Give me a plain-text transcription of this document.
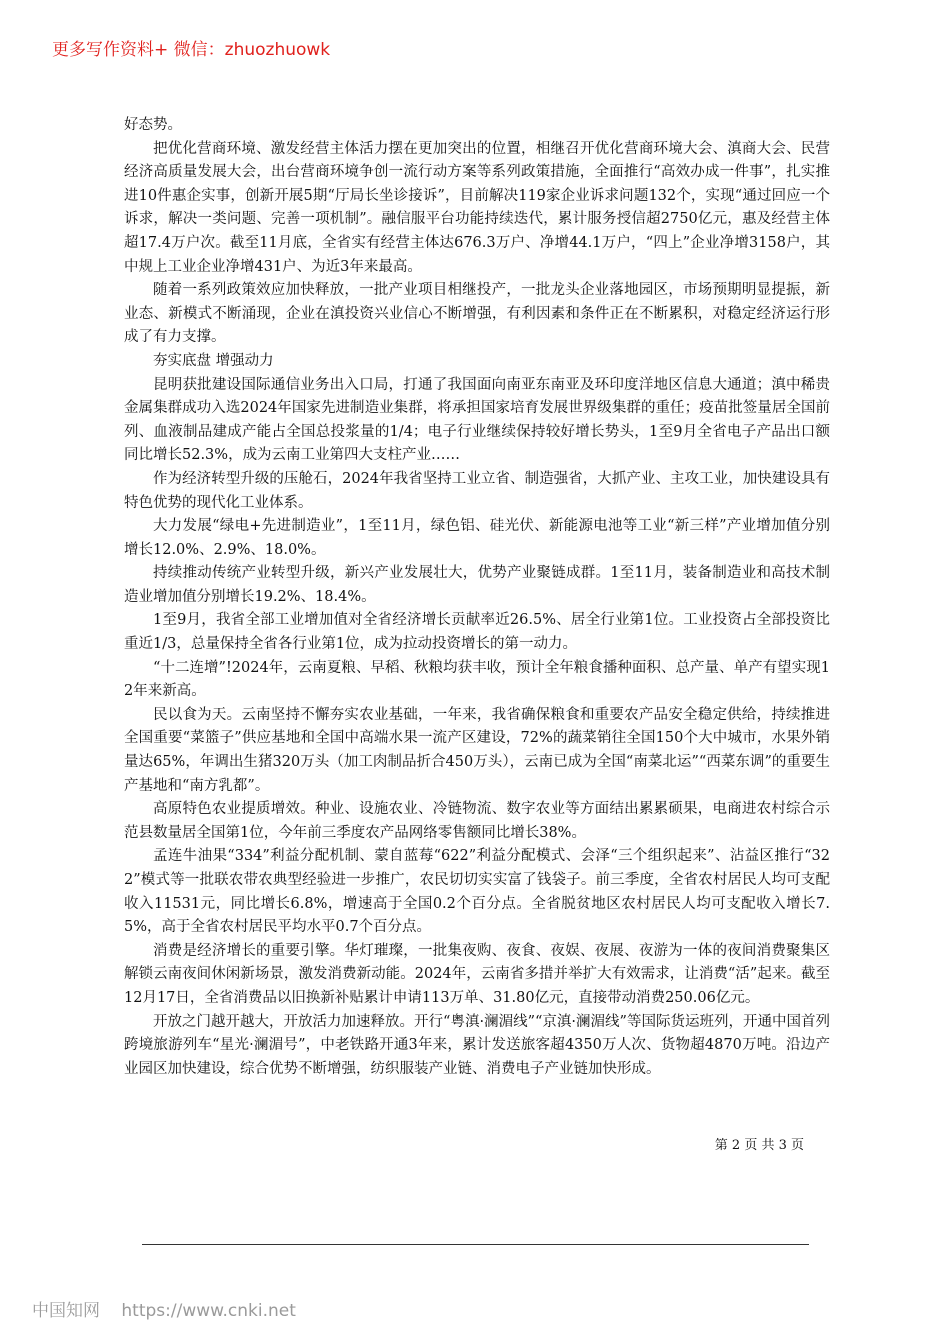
更多写作资料+ 微信：zhuozhuowk

好态势。

把优化营商环境、激发经营主体活力摆在更加突出的位置，相继召开优化营商环境大会、滇商大会、民营经济高质量发展大会，出台营商环境争创一流行动方案等系列政策措施，全面推行“高效办成一件事”，扎实推进10件惠企实事，创新开展5期“厅局长坐诊接诉”，目前解决119家企业诉求问题132个，实现“通过回应一个诉求，解决一类问题、完善一项机制”。融信服平台功能持续迭代，累计服务授信超2750亿元，惠及经营主体超17.4万户次。截至11月底，全省实有经营主体达676.3万户、净增44.1万户，“四上”企业净增3158户，其中规上工业企业净增431户、为近3年来最高。

随着一系列政策效应加快释放，一批产业项目相继投产，一批龙头企业落地园区，市场预期明显提振，新业态、新模式不断涌现，企业在滇投资兴业信心不断增强，有利因素和条件正在不断累积，对稳定经济运行形成了有力支撑。

夯实底盘 增强动力

昆明获批建设国际通信业务出入口局，打通了我国面向南亚东南亚及环印度洋地区信息大通道；滇中稀贵金属集群成功入选2024年国家先进制造业集群，将承担国家培育发展世界级集群的重任；疫苗批签量居全国前列、血液制品建成产能占全国总投浆量的1/4；电子行业继续保持较好增长势头，1至9月全省电子产品出口额同比增长52.3%，成为云南工业第四大支柱产业……

作为经济转型升级的压舱石，2024年我省坚持工业立省、制造强省，大抓产业、主攻工业，加快建设具有特色优势的现代化工业体系。

大力发展“绿电+先进制造业”，1至11月，绿色铝、硅光伏、新能源电池等工业“新三样”产业增加值分别增长12.0%、2.9%、18.0%。

持续推动传统产业转型升级，新兴产业发展壮大，优势产业聚链成群。1至11月，装备制造业和高技术制造业增加值分别增长19.2%、18.4%。

1至9月，我省全部工业增加值对全省经济增长贡献率近26.5%、居全行业第1位。工业投资占全部投资比重近1/3，总量保持全省各行业第1位，成为拉动投资增长的第一动力。

“十二连增”!2024年，云南夏粮、早稻、秋粮均获丰收，预计全年粮食播种面积、总产量、单产有望实现12年来新高。

民以食为天。云南坚持不懈夯实农业基础，一年来，我省确保粮食和重要农产品安全稳定供给，持续推进全国重要“菜篮子”供应基地和全国中高端水果一流产区建设，72%的蔬菜销往全国150个大中城市，水果外销量达65%，年调出生猪320万头（加工肉制品折合450万头），云南已成为全国“南菜北运”“西菜东调”的重要生产基地和“南方乳都”。

高原特色农业提质增效。种业、设施农业、冷链物流、数字农业等方面结出累累硕果，电商进农村综合示范县数量居全国第1位，今年前三季度农产品网络零售额同比增长38%。

孟连牛油果“334”利益分配机制、蒙自蓝莓“622”利益分配模式、会泽“三个组织起来”、沾益区推行“322”模式等一批联农带农典型经验进一步推广，农民切切实实富了钱袋子。前三季度，全省农村居民人均可支配收入11531元，同比增长6.8%，增速高于全国0.2个百分点。全省脱贫地区农村居民人均可支配收入增长7.5%，高于全省农村居民平均水平0.7个百分点。

消费是经济增长的重要引擎。华灯璀璨，一批集夜购、夜食、夜娱、夜展、夜游为一体的夜间消费聚集区解锁云南夜间休闲新场景，激发消费新动能。2024年，云南省多措并举扩大有效需求，让消费“活”起来。截至12月17日，全省消费品以旧换新补贴累计申请113万单、31.80亿元，直接带动消费250.06亿元。

开放之门越开越大，开放活力加速释放。开行“粤滇·澜湄线”“京滇·澜湄线”等国际货运班列，开通中国首列跨境旅游列车“星光·澜湄号”，中老铁路开通3年来，累计发送旅客超4350万人次、货物超4870万吨。沿边产业园区加快建设，综合优势不断增强，纺织服装产业链、消费电子产业链加快形成。

第 2 页 共 3 页
中国知网 https://www.cnki.net
